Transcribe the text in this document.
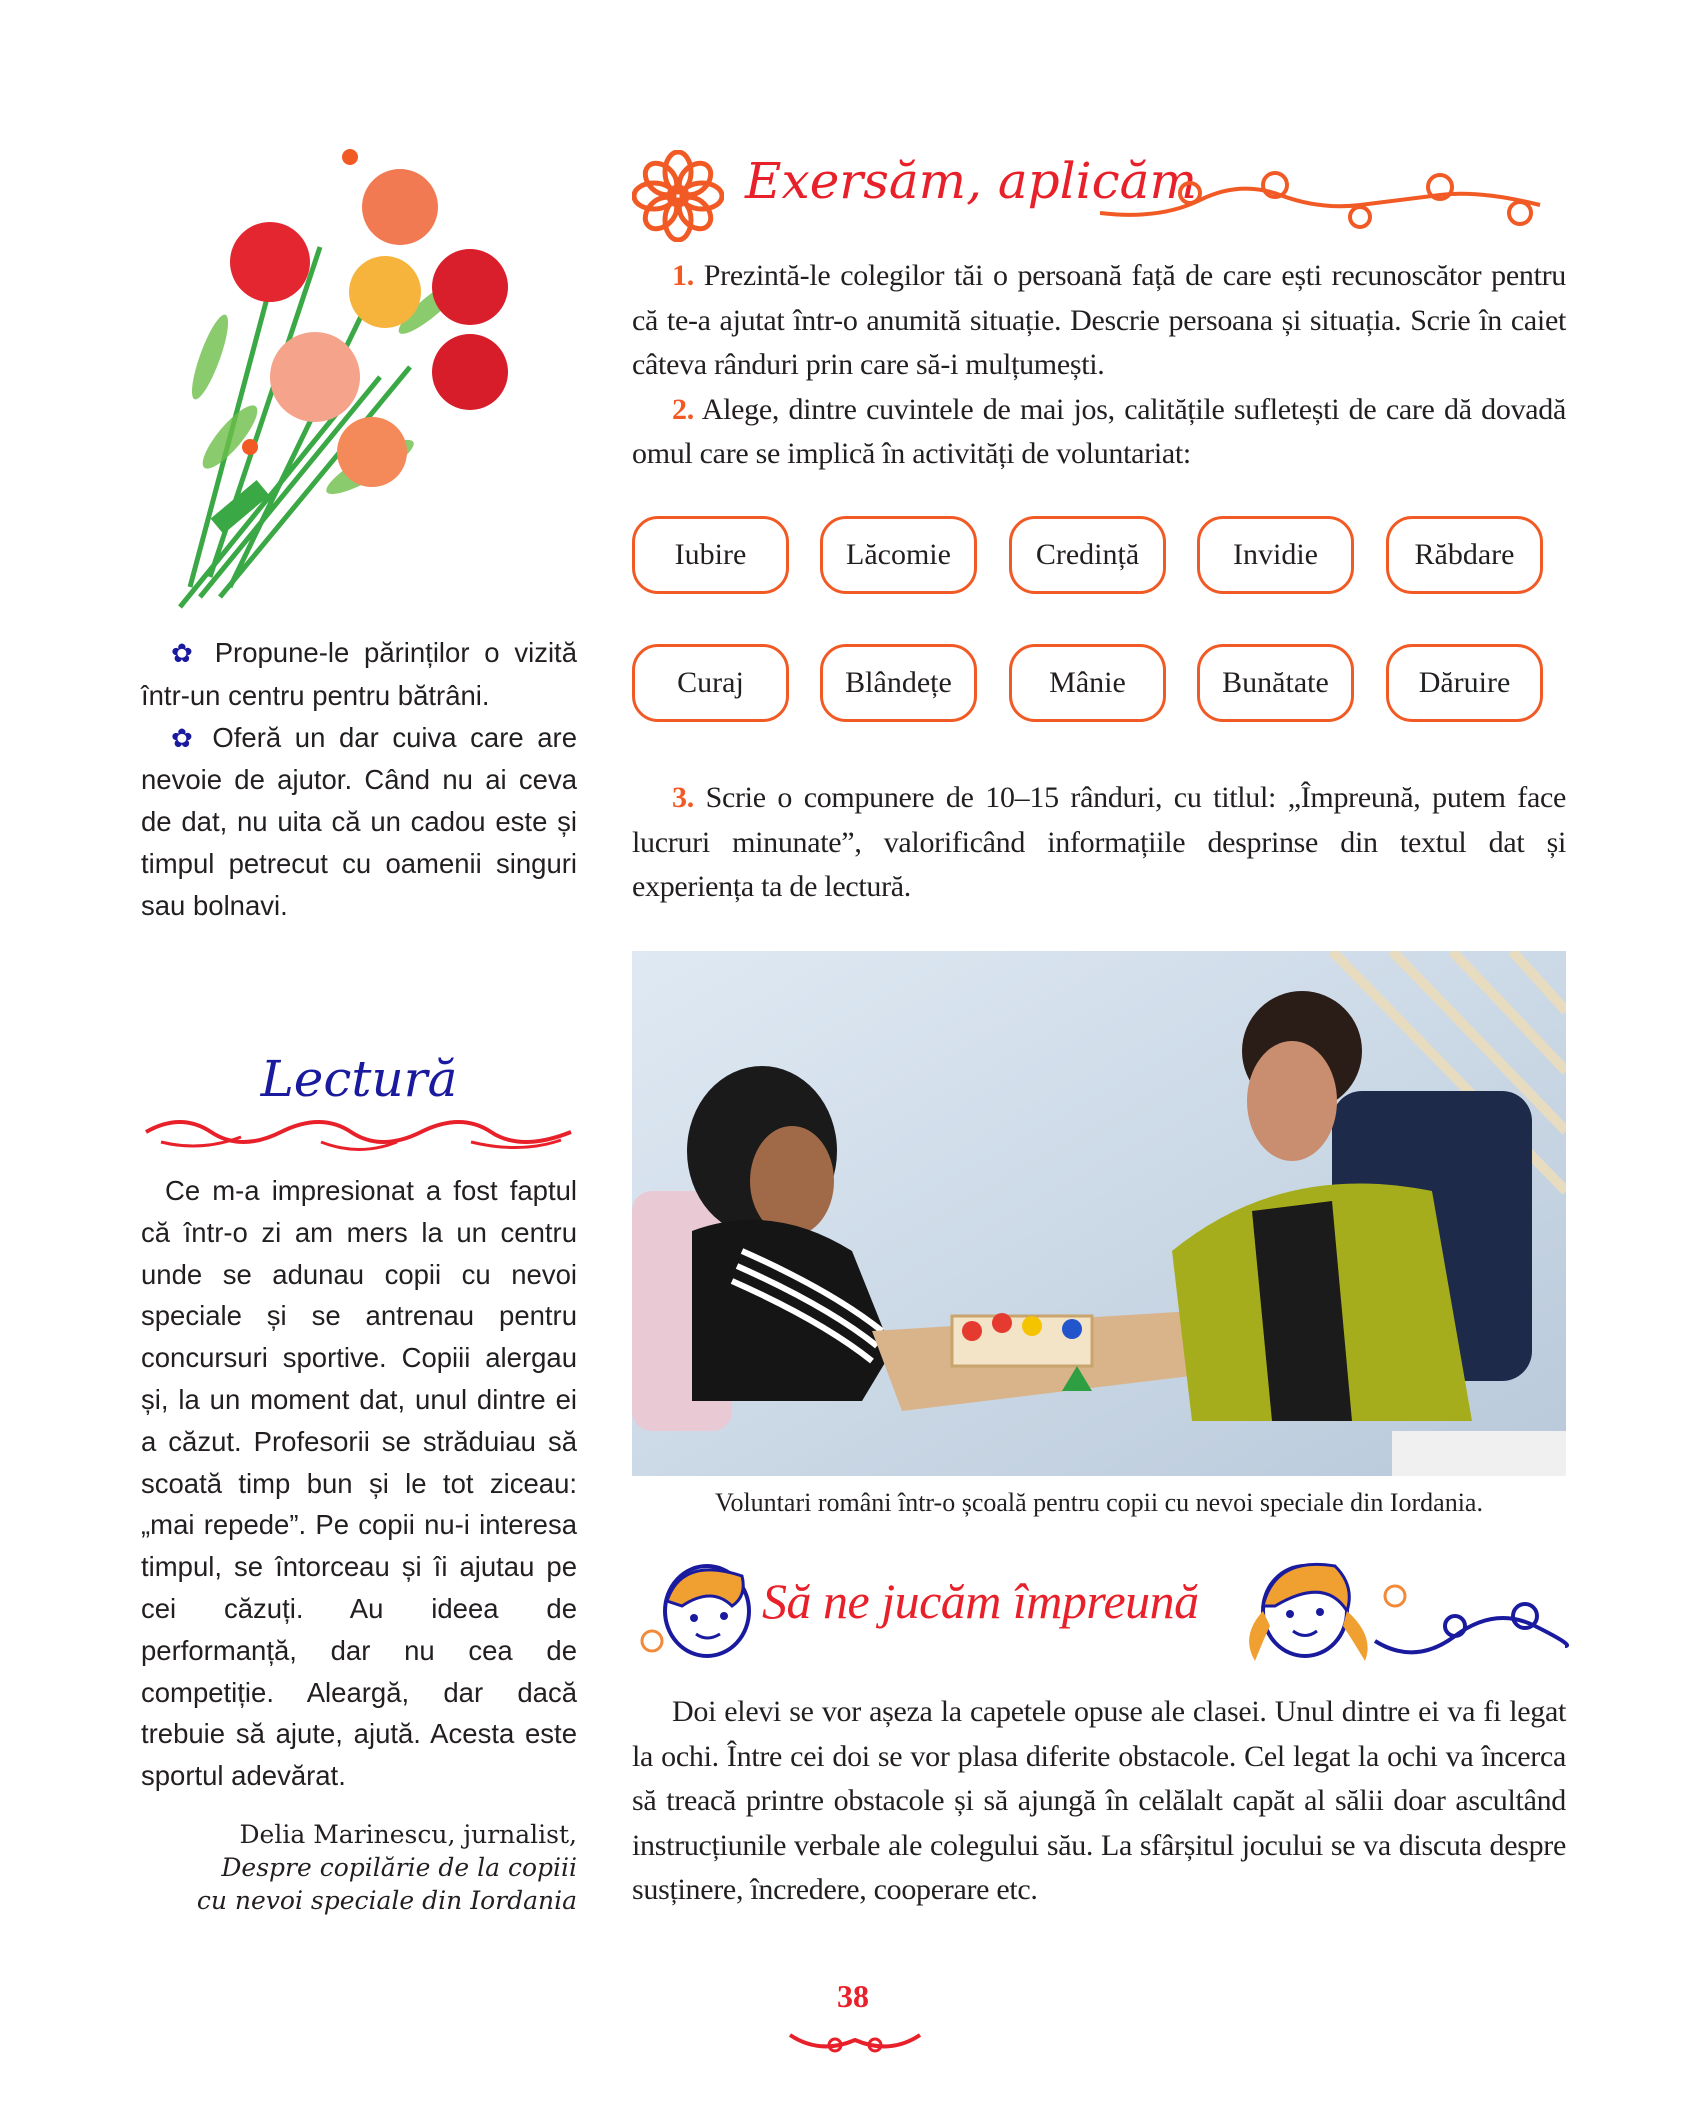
✿ Propune-le părinților o vizită într-un centru pentru bătrâni.
✿ Oferă un dar cuiva care are nevoie de ajutor. Când nu ai ceva de dat, nu uita că un cadou este și timpul petrecut cu oamenii singuri sau bolnavi.
Lectură
Ce m-a impresionat a fost faptul că într-o zi am mers la un centru unde se adunau copii cu nevoi speciale și se antrenau pentru concursuri sportive. Copiii alergau și, la un moment dat, unul dintre ei a căzut. Profesorii se străduiau să scoată timp bun și le tot ziceau: „mai repede”. Pe copii nu-i interesa timpul, se întorceau și îi ajutau pe cei căzuți. Au ideea de performanță, dar nu cea de competiție. Aleargă, dar dacă trebuie să ajute, ajută. Acesta este sportul adevărat.
Delia Marinescu, jurnalist,
Despre copilărie de la copiii
cu nevoi speciale din Iordania
Exersăm, aplicăm
1. Prezintă-le colegilor tăi o persoană față de care ești recunoscător pentru că te-a ajutat într-o anumită situație. Descrie persoana și situația. Scrie în caiet câteva rânduri prin care să-i mulțumești.
2. Alege, dintre cuvintele de mai jos, calitățile sufletești de care dă dovadă omul care se implică în activități de voluntariat:
Iubire	Lăcomie	Credință	Invidie	Răbdare
Curaj	Blândețe	Mânie	Bunătate	Dăruire
3. Scrie o compunere de 10–15 rânduri, cu titlul: „Împreună, putem face lucruri minunate”, valorificând informațiile desprinse din textul dat și experiența ta de lectură.
Voluntari români într-o școală pentru copii cu nevoi speciale din Iordania.
Să ne jucăm împreună
Doi elevi se vor așeza la capetele opuse ale clasei. Unul dintre ei va fi legat la ochi. Între cei doi se vor plasa diferite obstacole. Cel legat la ochi va încerca să treacă printre obstacole și să ajungă în celălalt capăt al sălii doar ascultând instrucțiunile verbale ale colegului său. La sfârșitul jocului se va discuta despre susținere, încredere, cooperare etc.
38
